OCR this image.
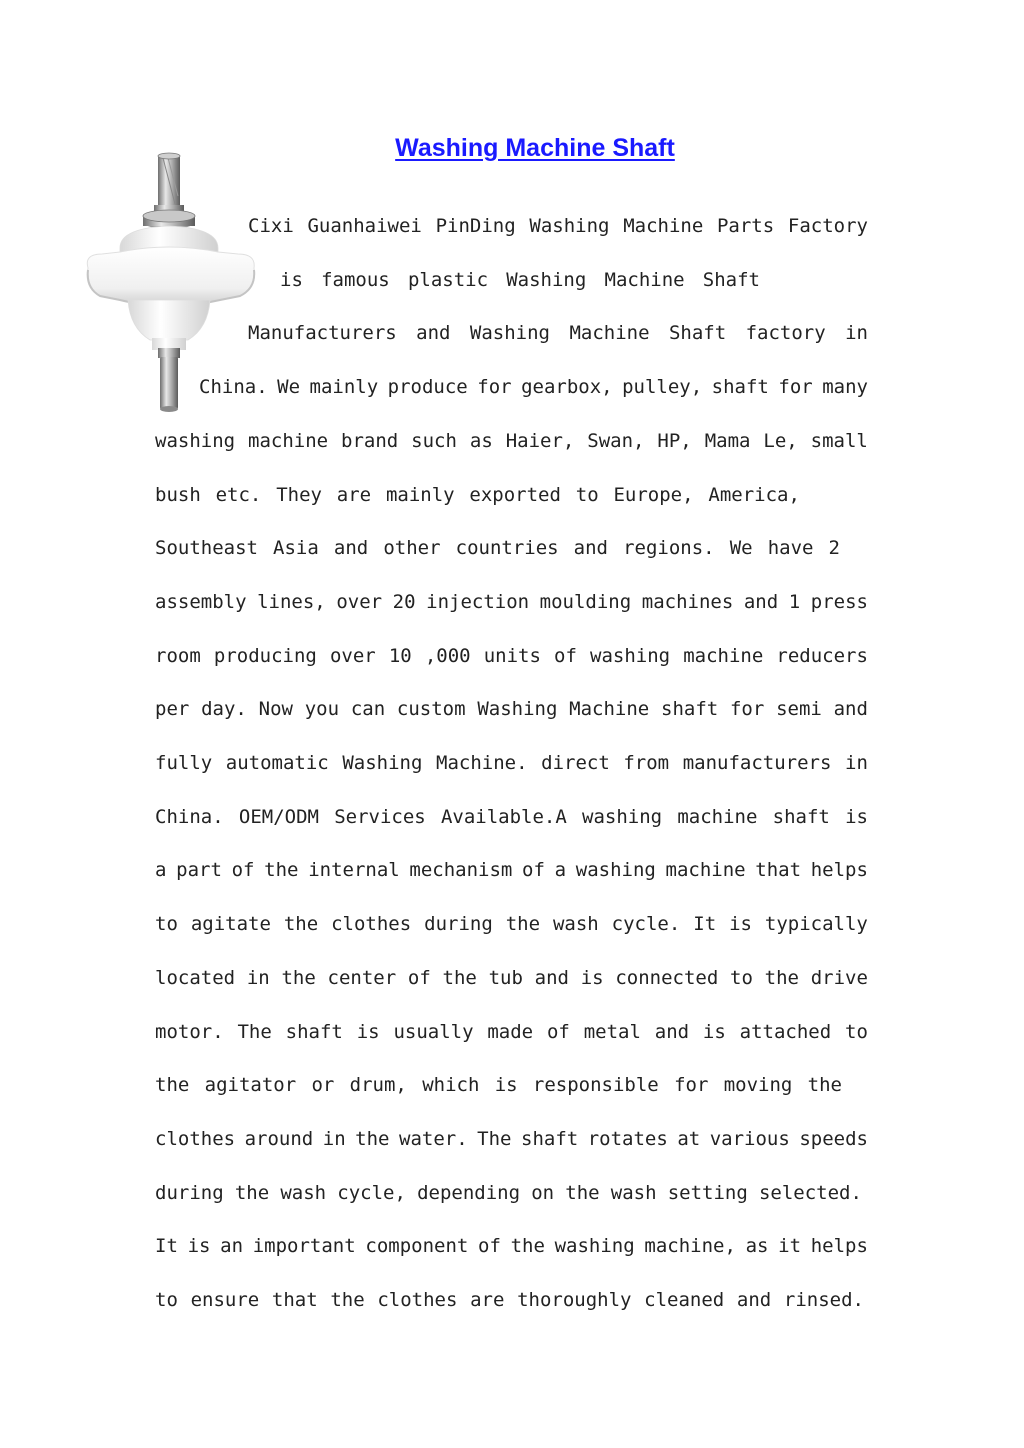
Washing Machine Shaft
Cixi Guanhaiwei PinDing Washing Machine Parts Factory
is famous plastic Washing Machine Shaft
Manufacturers and Washing Machine Shaft factory in
China. We mainly produce for gearbox, pulley, shaft for many
washing machine brand such as Haier, Swan, HP, Mama Le, small
bush etc. They are mainly exported to Europe, America,
Southeast Asia and other countries and regions. We have 2
assembly lines, over 20 injection moulding machines and 1 press
room producing over 10 ,000 units of washing machine reducers
per day. Now you can custom Washing Machine shaft for semi and
fully automatic Washing Machine. direct from manufacturers in
China. OEM/ODM Services Available.A washing machine shaft is
a part of the internal mechanism of a washing machine that helps
to agitate the clothes during the wash cycle. It is typically
located in the center of the tub and is connected to the drive
motor. The shaft is usually made of metal and is attached to
the agitator or drum, which is responsible for moving the
clothes around in the water. The shaft rotates at various speeds
during the wash cycle, depending on the wash setting selected.
It is an important component of the washing machine, as it helps
to ensure that the clothes are thoroughly cleaned and rinsed.
